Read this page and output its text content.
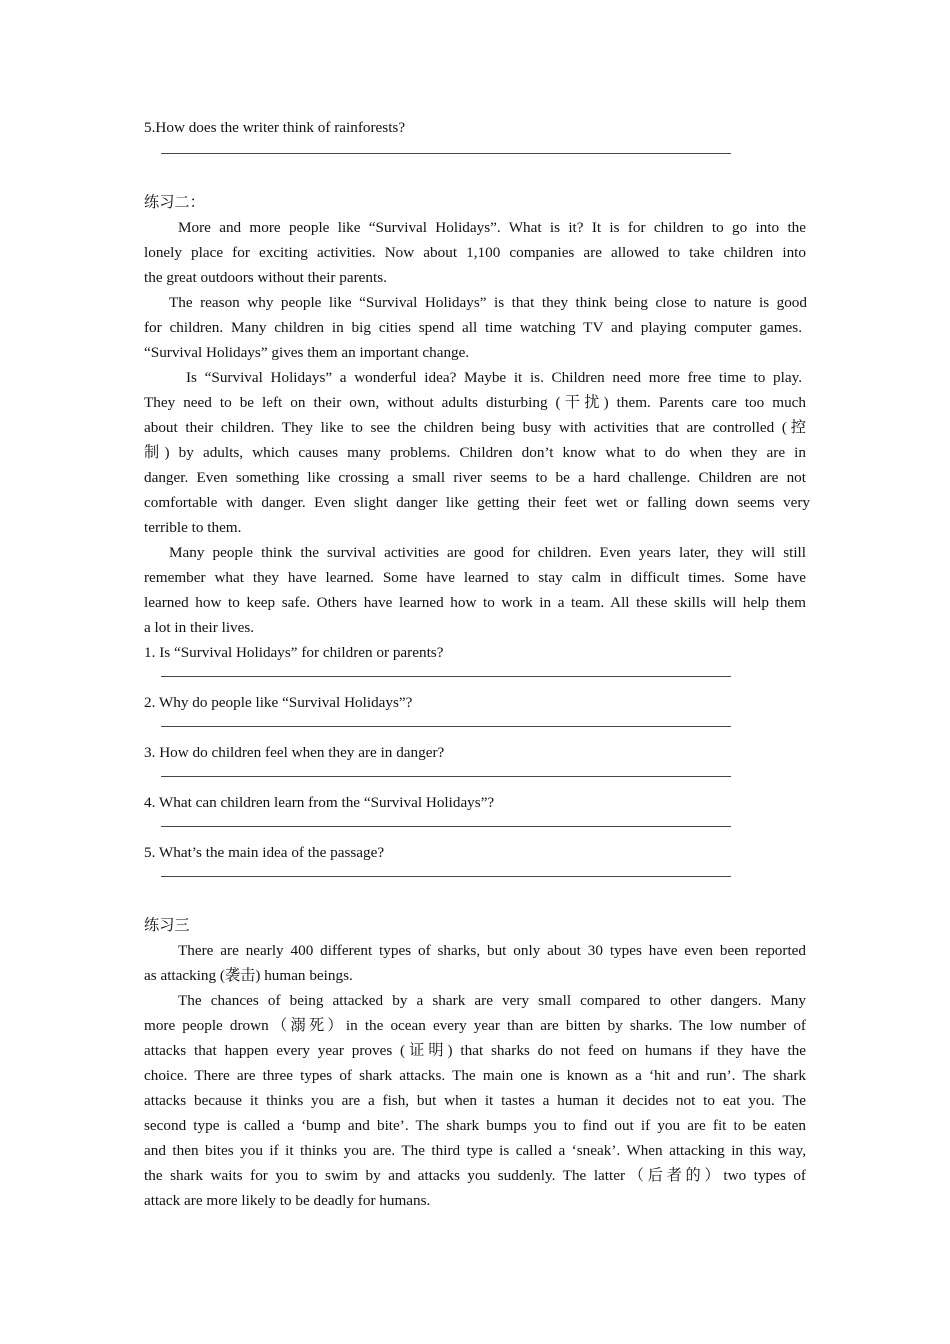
5.How does the writer think of rainforests?
练习二：
More and more people like “Survival Holidays”. What is it? It is for children to go into the
lonely place for exciting activities. Now about 1,100 companies are allowed to take children into
the great outdoors without their parents.
The reason why people like “Survival Holidays” is that they think being close to nature is good
for children. Many children in big cities spend all time watching TV and playing computer games.
“Survival Holidays” gives them an important change.
Is “Survival Holidays” a wonderful idea? Maybe it is. Children need more free time to play.
They need to be left on their own, without adults disturbing (干扰) them. Parents care too much
about their children. They like to see the children being busy with activities that are controlled (控
制) by adults, which causes many problems. Children don’t know what to do when they are in
danger. Even something like crossing a small river seems to be a hard challenge. Children are not
comfortable with danger. Even slight danger like getting their feet wet or falling down seems very
terrible to them.
Many people think the survival activities are good for children. Even years later, they will still
remember what they have learned. Some have learned to stay calm in difficult times. Some have
learned how to keep safe. Others have learned how to work in a team. All these skills will help them
a lot in their lives.
1. Is “Survival Holidays” for children or parents?
2. Why do people like “Survival Holidays”?
3. How do children feel when they are in danger?
4. What can children learn from the “Survival Holidays”?
5. What’s the main idea of the passage?
练习三
There are nearly 400 different types of sharks, but only about 30 types have even been reported
as attacking (袭击) human beings.
The chances of being attacked by a shark are very small compared to other dangers. Many
more people drown（溺死）in the ocean every year than are bitten by sharks. The low number of
attacks that happen every year proves (证明) that sharks do not feed on humans if they have the
choice. There are three types of shark attacks. The main one is known as a ‘hit and run’. The shark
attacks because it thinks you are a fish, but when it tastes a human it decides not to eat you. The
second type is called a ‘bump and bite’. The shark bumps you to find out if you are fit to be eaten
and then bites you if it thinks you are. The third type is called a ‘sneak’. When attacking in this way,
the shark waits for you to swim by and attacks you suddenly. The latter（后者的）two types of
attack are more likely to be deadly for humans.
